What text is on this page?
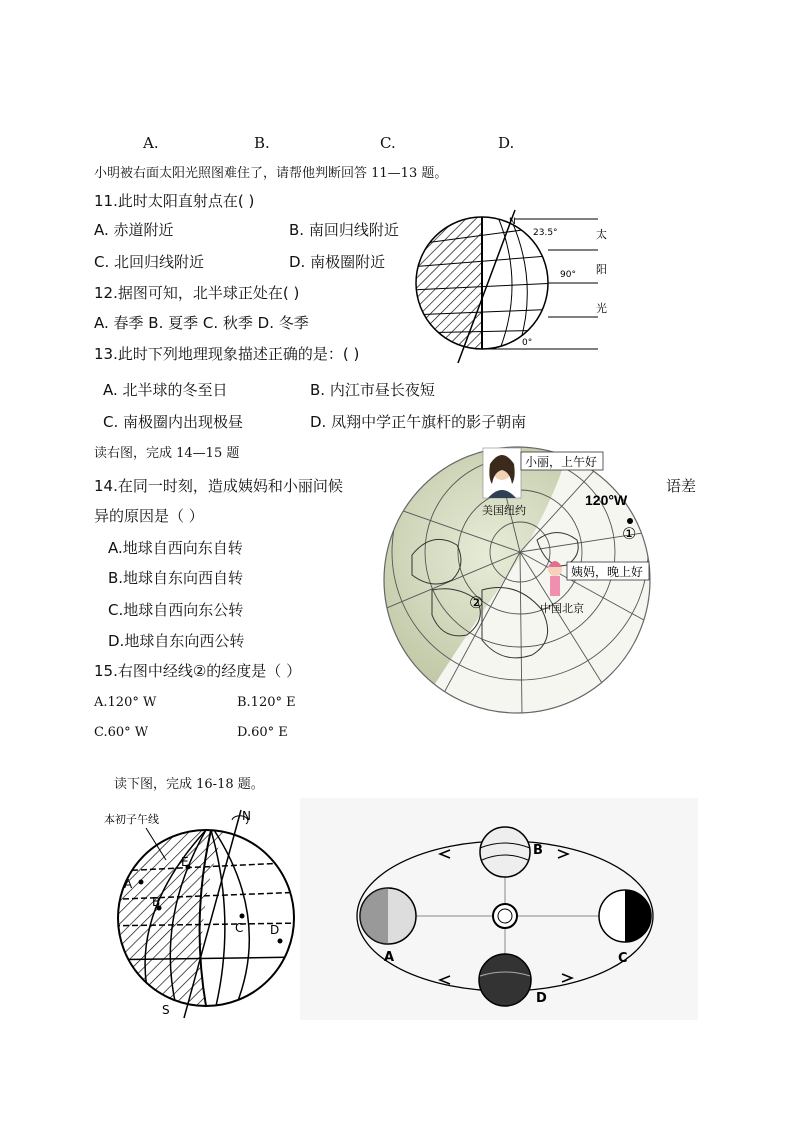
A.	B.	C.	D.
小明被右面太阳光照图难住了，请帮他判断回答 11—13 题。
11.此时太阳直射点在( )
A. 赤道附近	B. 南回归线附近
C. 北回归线附近	D. 南极圈附近
12.据图可知，北半球正处在( )
A. 春季 B. 夏季 C. 秋季 D. 冬季
13.此时下列地理现象描述正确的是：( )
A. 北半球的冬至日	B. 内江市昼长夜短
C. 南极圈内出现极昼	D. 凤翔中学正午旗杆的影子朝南
N
23.5°
90°
0°
太
阳
光
读右图，完成 14—15 题
14.在同一时刻，造成姨妈和小丽问候	语差
异的原因是（ ）
A.地球自西向东自转
B.地球自东向西自转
C.地球自西向东公转
D.地球自东向西公转
15.右图中经线②的经度是（ ）
A.120° W	B.120° E
C.60° W	D.60° E
小丽，上午好
美国纽约
120°W
①
姨妈，晚上好
②	中国北京
读下图，完成 16-18 题。
N
S
本初子午线
A
B
C D
E
B
A	C
D
